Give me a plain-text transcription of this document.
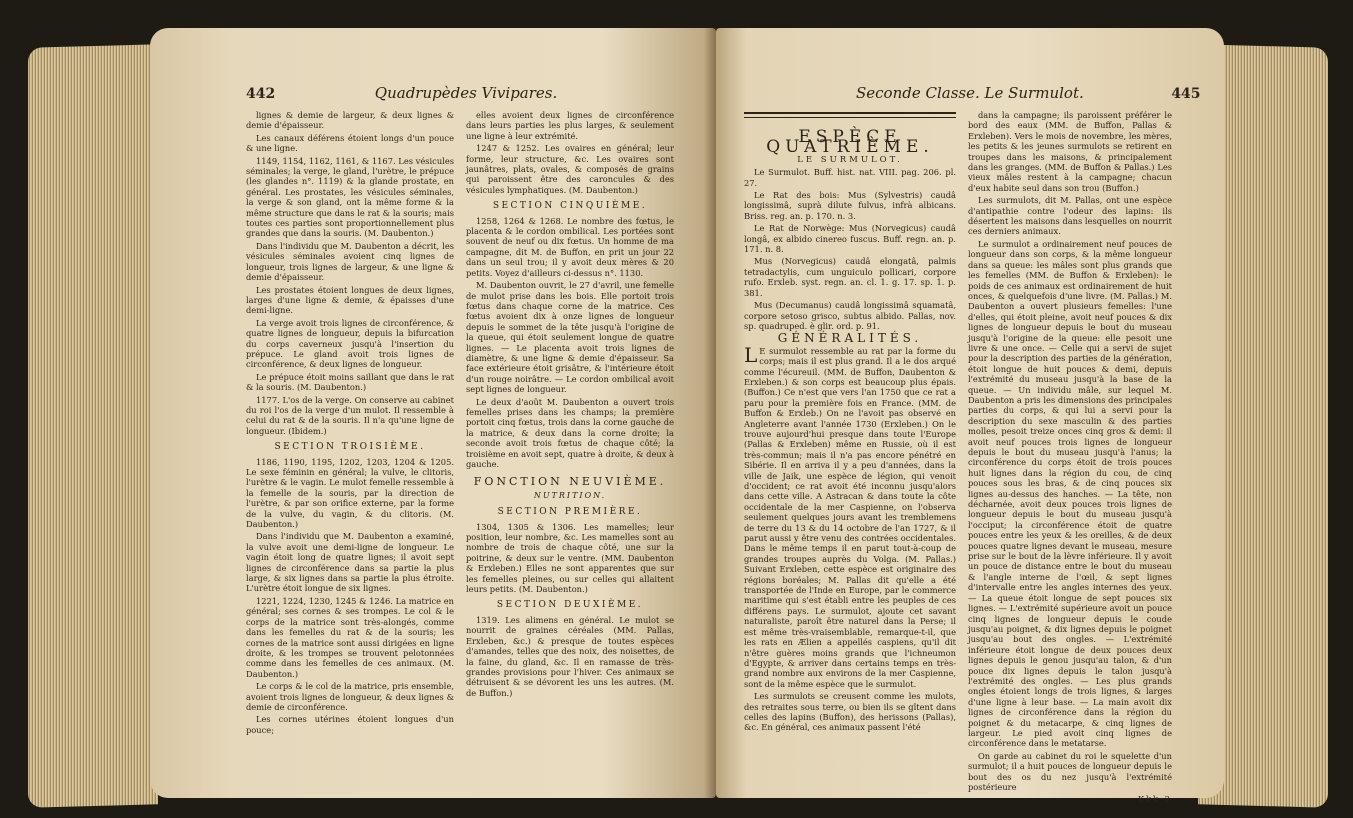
442	Quadrupèdes Vivipares.

lignes & demie de largeur, & deux lignes & demie d'épaisseur.

Les canaux déférens étoient longs d'un pouce & une ligne.

1149, 1154, 1162, 1161, & 1167. Les vésicules séminales; la verge, le gland, l'urètre, le prépuce (les glandes n°. 1119) & la glande prostate, en général. Les prostates, les vésicules séminales, la verge & son gland, ont la même forme & la même structure que dans le rat & la souris; mais toutes ces parties sont proportionnellement plus grandes que dans la souris. (M. Daubenton.)

Dans l'individu que M. Daubenton a décrit, les vésicules séminales avoient cinq lignes de longueur, trois lignes de largeur, & une ligne & demie d'épaisseur.

Les prostates étoient longues de deux lignes, larges d'une ligne & demie, & épaisses d'une demi-ligne.

La verge avoit trois lignes de circonférence, & quatre lignes de longueur, depuis la bifurcation du corps caverneux jusqu'à l'insertion du prépuce. Le gland avoit trois lignes de circonférence, & deux lignes de longueur.

Le prépuce étoit moins saillant que dans le rat & la souris. (M. Daubenton.)

1177. L'os de la verge. On conserve au cabinet du roi l'os de la verge d'un mulot. Il ressemble à celui du rat & de la souris. Il n'a qu'une ligne de longueur. (Ibidem.)

SECTION TROISIÈME.

1186, 1190, 1195, 1202, 1203, 1204 & 1205. Le sexe féminin en général; la vulve, le clitoris, l'urètre & le vagin. Le mulot femelle ressemble à la femelle de la souris, par la direction de l'urètre, & par son orifice externe, par la forme de la vulve, du vagin, & du clitoris. (M. Daubenton.)

Dans l'individu que M. Daubenton a examiné, la vulve avoit une demi-ligne de longueur. Le vagin étoit long de quatre lignes; il avoit sept lignes de circonférence dans sa partie la plus large, & six lignes dans sa partie la plus étroite. L'urètre étoit longue de six lignes.

1221, 1224, 1230, 1245 & 1246. La matrice en général; ses cornes & ses trompes. Le col & le corps de la matrice sont très-alongés, comme dans les femelles du rat & de la souris; les cornes de la matrice sont aussi dirigées en ligne droite, & les trompes se trouvent pelotonnées comme dans les femelles de ces animaux. (M. Daubenton.)

Le corps & le col de la matrice, pris ensemble, avoient trois lignes de longueur, & deux lignes & demie de circonférence.

Les cornes utérines étoient longues d'un pouce;

elles avoient deux lignes de circonférence dans leurs parties les plus larges, & seulement une ligne à leur extrémité.

1247 & 1252. Les ovaires en général; leur forme, leur structure, &c. Les ovaires sont jaunâtres, plats, ovales, & composés de grains qui paroissent être des caroncules & des vésicules lymphatiques. (M. Daubenton.)

SECTION CINQUIÈME.

1258, 1264 & 1268. Le nombre des fœtus, le placenta & le cordon ombilical. Les portées sont souvent de neuf ou dix fœtus. Un homme de ma campagne, dit M. de Buffon, en prit un jour 22 dans un seul trou; il y avoit deux mères & 20 petits. Voyez d'ailleurs ci-dessus n°. 1130.

M. Daubenton ouvrit, le 27 d'avril, une femelle de mulot prise dans les bois. Elle portoit trois fœtus dans chaque corne de la matrice. Ces fœtus avoient dix à onze lignes de longueur depuis le sommet de la tête jusqu'à l'origine de la queue, qui étoit seulement longue de quatre lignes. — Le placenta avoit trois lignes de diamètre, & une ligne & demie d'épaisseur. Sa face extérieure étoit grisâtre, & l'intérieure étoit d'un rouge noirâtre. — Le cordon ombilical avoit sept lignes de longueur.

Le deux d'août M. Daubenton a ouvert trois femelles prises dans les champs; la première portoit cinq fœtus, trois dans la corne gauche de la matrice, & deux dans la corne droite; la seconde avoit trois fœtus de chaque côté; la troisième en avoit sept, quatre à droite, & deux à gauche.

FONCTION NEUVIÈME.

NUTRITION.

SECTION PREMIÈRE.

1304, 1305 & 1306. Les mamelles; leur position, leur nombre, &c. Les mamelles sont au nombre de trois de chaque côté, une sur la poitrine, & deux sur le ventre. (MM. Daubenton & Erxleben.) Elles ne sont apparentes que sur les femelles pleines, ou sur celles qui allaitent leurs petits. (M. Daubenton.)

SECTION DEUXIÈME.

1319. Les alimens en général. Le mulot se nourrit de graines céréales (MM. Pallas, Erxleben, &c.) & presque de toutes espèces d'amandes, telles que des noix, des noisettes, de la faine, du gland, &c. Il en ramasse de très-grandes provisions pour l'hiver. Ces animaux se détruisent & se dévorent les uns les autres. (M. de Buffon.)

Seconde Classe. Le Surmulot.	445

ESPÈCE QUATRIÈME.

LE SURMULOT.

Le Surmulot. Buff. hist. nat. VIII. pag. 206. pl. 27.

Le Rat des bois: Mus (Sylvestris) caudâ longissimâ, suprà dilute fulvus, infrà albicans. Briss. reg. an. p. 170. n. 3.

Le Rat de Norwège: Mus (Norvegicus) caudâ longâ, ex albido cinereo fuscus. Buff. regn. an. p. 171. n. 8.

Mus (Norvegicus) caudâ elongatâ, palmis tetradactylis, cum unguiculo pollicari, corpore rufo. Erxleb. syst. regn. an. cl. 1. g. 17. sp. 1. p. 381.

Mus (Decumanus) caudâ longissimâ squamatâ, corpore setoso grisco, subtus albido. Pallas, nov. sp. quadruped. è glir. ord. p. 91.

GÉNÉRALITÉS.

L E surmulot ressemble au rat par la forme du corps; mais il est plus grand. Il a le dos arqué comme l'écureuil. (MM. de Buffon, Daubenton & Erxleben.) & son corps est beaucoup plus épais. (Buffon.) Ce n'est que vers l'an 1750 que ce rat a paru pour la première fois en France. (MM. de Buffon & Erxleb.) On ne l'avoit pas observé en Angleterre avant l'année 1730 (Erxleben.) On le trouve aujourd'hui presque dans toute l'Europe (Pallas & Erxleben) même en Russie, où il est très-commun; mais il n'a pas encore pénétré en Sibérie. Il en arriva il y a peu d'années, dans la ville de Jaik, une espèce de légion, qui venoit d'occident; ce rat avoit été inconnu jusqu'alors dans cette ville. A Astracan & dans toute la côte occidentale de la mer Caspienne, on l'observa seulement quelques jours avant les tremblemens de terre du 13 & du 14 octobre de l'an 1727, & il parut aussi y être venu des contrées occidentales. Dans le même temps il en parut tout-à-coup de grandes troupes auprès du Volga. (M. Pallas.) Suivant Erxleben, cette espèce est originaire des régions boréales; M. Pallas dit qu'elle a été transportée de l'Inde en Europe, par le commerce maritime qui s'est établi entre les peuples de ces différens pays. Le surmulot, ajoute cet savant naturaliste, paroît être naturel dans la Perse; il est même très-vraisemblable, remarque-t-il, que les rats en Ælien a appellés caspiens, qu'il dit n'être guères moins grands que l'ichneumon d'Egypte, & arriver dans certains temps en très-grand nombre aux environs de la mer Caspienne, sont de la même espèce que le surmulot.

Les surmulots se creusent comme les mulots, des retraites sous terre, ou bien ils se gîtent dans celles des lapins (Buffon), des herissons (Pallas), &c. En général, ces animaux passent l'été

dans la campagne; ils paroissent préférer le bord des eaux (MM. de Buffon, Pallas & Erxleben). Vers le mois de novembre, les mères, les petits & les jeunes surmulots se retirent en troupes dans les maisons, & principalement dans les granges. (MM. de Buffon & Pallas.) Les vieux mâles restent à la campagne; chacun d'eux habite seul dans son trou (Buffon.)

Les surmulots, dit M. Pallas, ont une espèce d'antipathie contre l'odeur des lapins: ils désertent les maisons dans lesquelles on nourrit ces derniers animaux.

Le surmulot a ordinairement neuf pouces de longueur dans son corps, & la même longueur dans sa queue: les mâles sont plus grands que les femelles (MM. de Buffon & Erxleben): le poids de ces animaux est ordinairement de huit onces, & quelquefois d'une livre. (M. Pallas.) M. Daubenton a ouvert plusieurs femelles: l'une d'elles, qui étoit pleine, avoit neuf pouces & dix lignes de longueur depuis le bout du museau jusqu'à l'origine de la queue: elle pesoit une livre & une once. — Celle qui a servi de sujet pour la description des parties de la génération, étoit longue de huit pouces & demi, depuis l'extrémité du museau jusqu'à la base de la queue. — Un individu mâle, sur lequel M. Daubenton a pris les dimensions des principales parties du corps, & qui lui a servi pour la description du sexe masculin & des parties molles, pesoit treize onces cinq gros & demi: il avoit neuf pouces trois lignes de longueur depuis le bout du museau jusqu'à l'anus; la circonférence du corps étoit de trois pouces huit lignes dans la région du cou, de cinq pouces sous les bras, & de cinq pouces six lignes au-dessus des hanches. — La tête, non décharnée, avoit deux pouces trois lignes de longueur depuis le bout du museau jusqu'à l'occiput; la circonférence étoit de quatre pouces entre les yeux & les oreilles, & de deux pouces quatre lignes devant le museau, mesure prise sur le bout de la lèvre inférieure. Il y avoit un pouce de distance entre le bout du museau & l'angle interne de l'œil, & sept lignes d'intervalle entre les angles internes des yeux. — La queue étoit longue de sept pouces six lignes. — L'extrémité supérieure avoit un pouce cinq lignes de longueur depuis le coude jusqu'au poignet, & dix lignes depuis le poignet jusqu'au bout des ongles. — L'extrémité inférieure étoit longue de deux pouces deux lignes depuis le genou jusqu'au talon, & d'un pouce dix lignes depuis le talon jusqu'à l'extrémité des ongles. — Les plus grands ongles étoient longs de trois lignes, & larges d'une ligne à leur base. — La main avoit dix lignes de circonférence dans la région du poignet & du metacarpe, & cinq lignes de largeur. Le pied avoit cinq lignes de circonférence dans le metatarse.

On garde au cabinet du roi le squelette d'un surmulot; il a huit pouces de longueur depuis le bout des os du nez jusqu'à l'extrémité postérieure

Kkk 2
